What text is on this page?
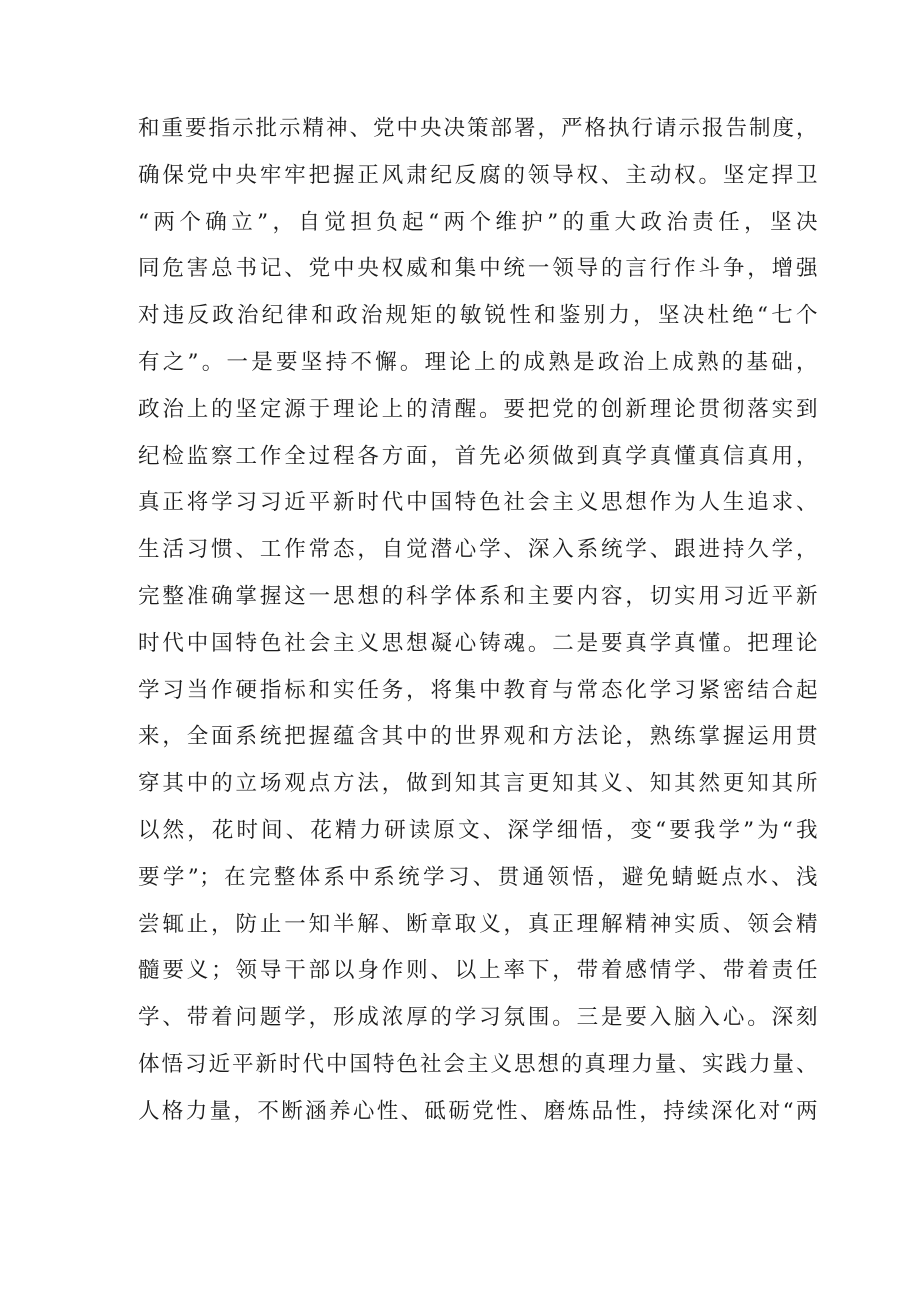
和重要指示批示精神、党中央决策部署，严格执行请示报告制度，
确保党中央牢牢把握正风肃纪反腐的领导权、主动权。坚定捍卫
“两个确立”，自觉担负起“两个维护”的重大政治责任，坚决
同危害总书记、党中央权威和集中统一领导的言行作斗争，增强
对违反政治纪律和政治规矩的敏锐性和鉴别力，坚决杜绝“七个
有之”。一是要坚持不懈。理论上的成熟是政治上成熟的基础，
政治上的坚定源于理论上的清醒。要把党的创新理论贯彻落实到
纪检监察工作全过程各方面，首先必须做到真学真懂真信真用，
真正将学习习近平新时代中国特色社会主义思想作为人生追求、
生活习惯、工作常态，自觉潜心学、深入系统学、跟进持久学，
完整准确掌握这一思想的科学体系和主要内容，切实用习近平新
时代中国特色社会主义思想凝心铸魂。二是要真学真懂。把理论
学习当作硬指标和实任务，将集中教育与常态化学习紧密结合起
来，全面系统把握蕴含其中的世界观和方法论，熟练掌握运用贯
穿其中的立场观点方法，做到知其言更知其义、知其然更知其所
以然，花时间、花精力研读原文、深学细悟，变“要我学”为“我
要学”；在完整体系中系统学习、贯通领悟，避免蜻蜓点水、浅
尝辄止，防止一知半解、断章取义，真正理解精神实质、领会精
髓要义；领导干部以身作则、以上率下，带着感情学、带着责任
学、带着问题学，形成浓厚的学习氛围。三是要入脑入心。深刻
体悟习近平新时代中国特色社会主义思想的真理力量、实践力量、
人格力量，不断涵养心性、砥砺党性、磨炼品性，持续深化对“两
